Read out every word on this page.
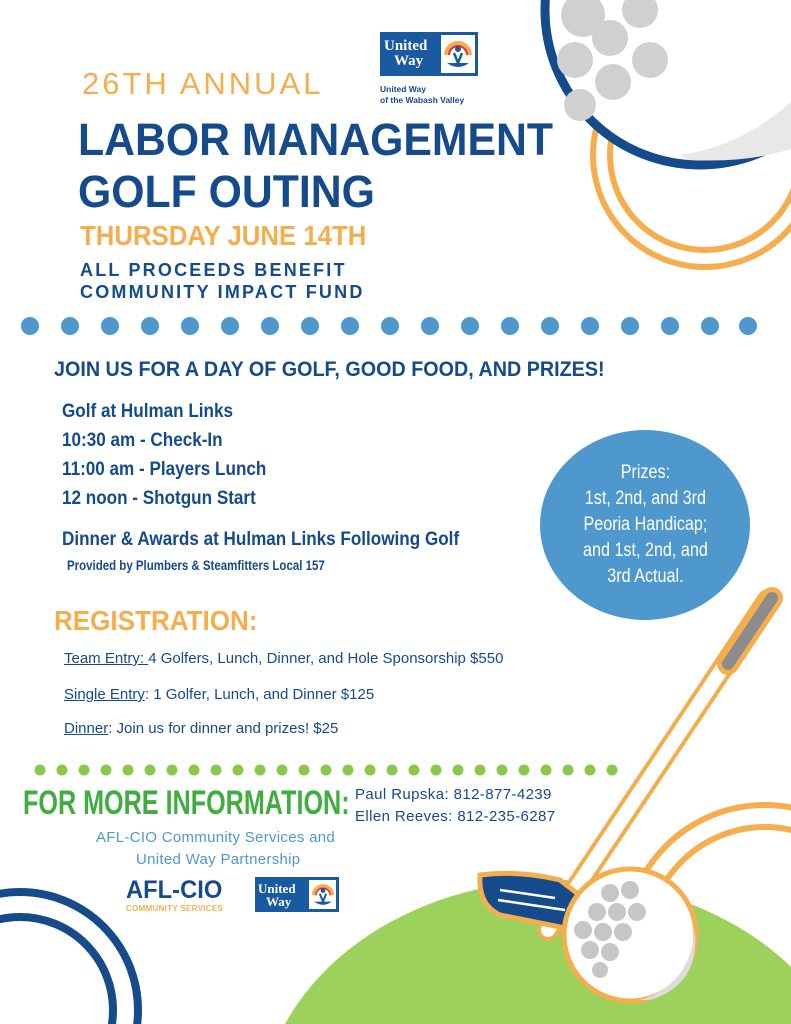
United
Way
United Way
of the Wabash Valley
26TH ANNUAL
LABOR MANAGEMENT
GOLF OUTING
THURSDAY JUNE 14TH
ALL PROCEEDS BENEFIT
COMMUNITY IMPACT FUND
JOIN US FOR A DAY OF GOLF, GOOD FOOD, AND PRIZES!
Golf at Hulman Links
10:30 am - Check-In
11:00 am - Players Lunch
12 noon - Shotgun Start
Dinner & Awards at Hulman Links Following Golf
Provided by Plumbers & Steamfitters Local 157
Prizes:
1st, 2nd, and 3rd
Peoria Handicap;
and 1st, 2nd, and
3rd Actual.
REGISTRATION:
Team Entry: 4 Golfers, Lunch, Dinner, and Hole Sponsorship $550
Single Entry: 1 Golfer, Lunch, and Dinner $125
Dinner: Join us for dinner and prizes! $25
FOR MORE INFORMATION: Paul Rupska: 812-877-4239
Ellen Reeves: 812-235-6287
AFL-CIO Community Services and
United Way Partnership
AFL-CIO
COMMUNITY SERVICES
United
Way
